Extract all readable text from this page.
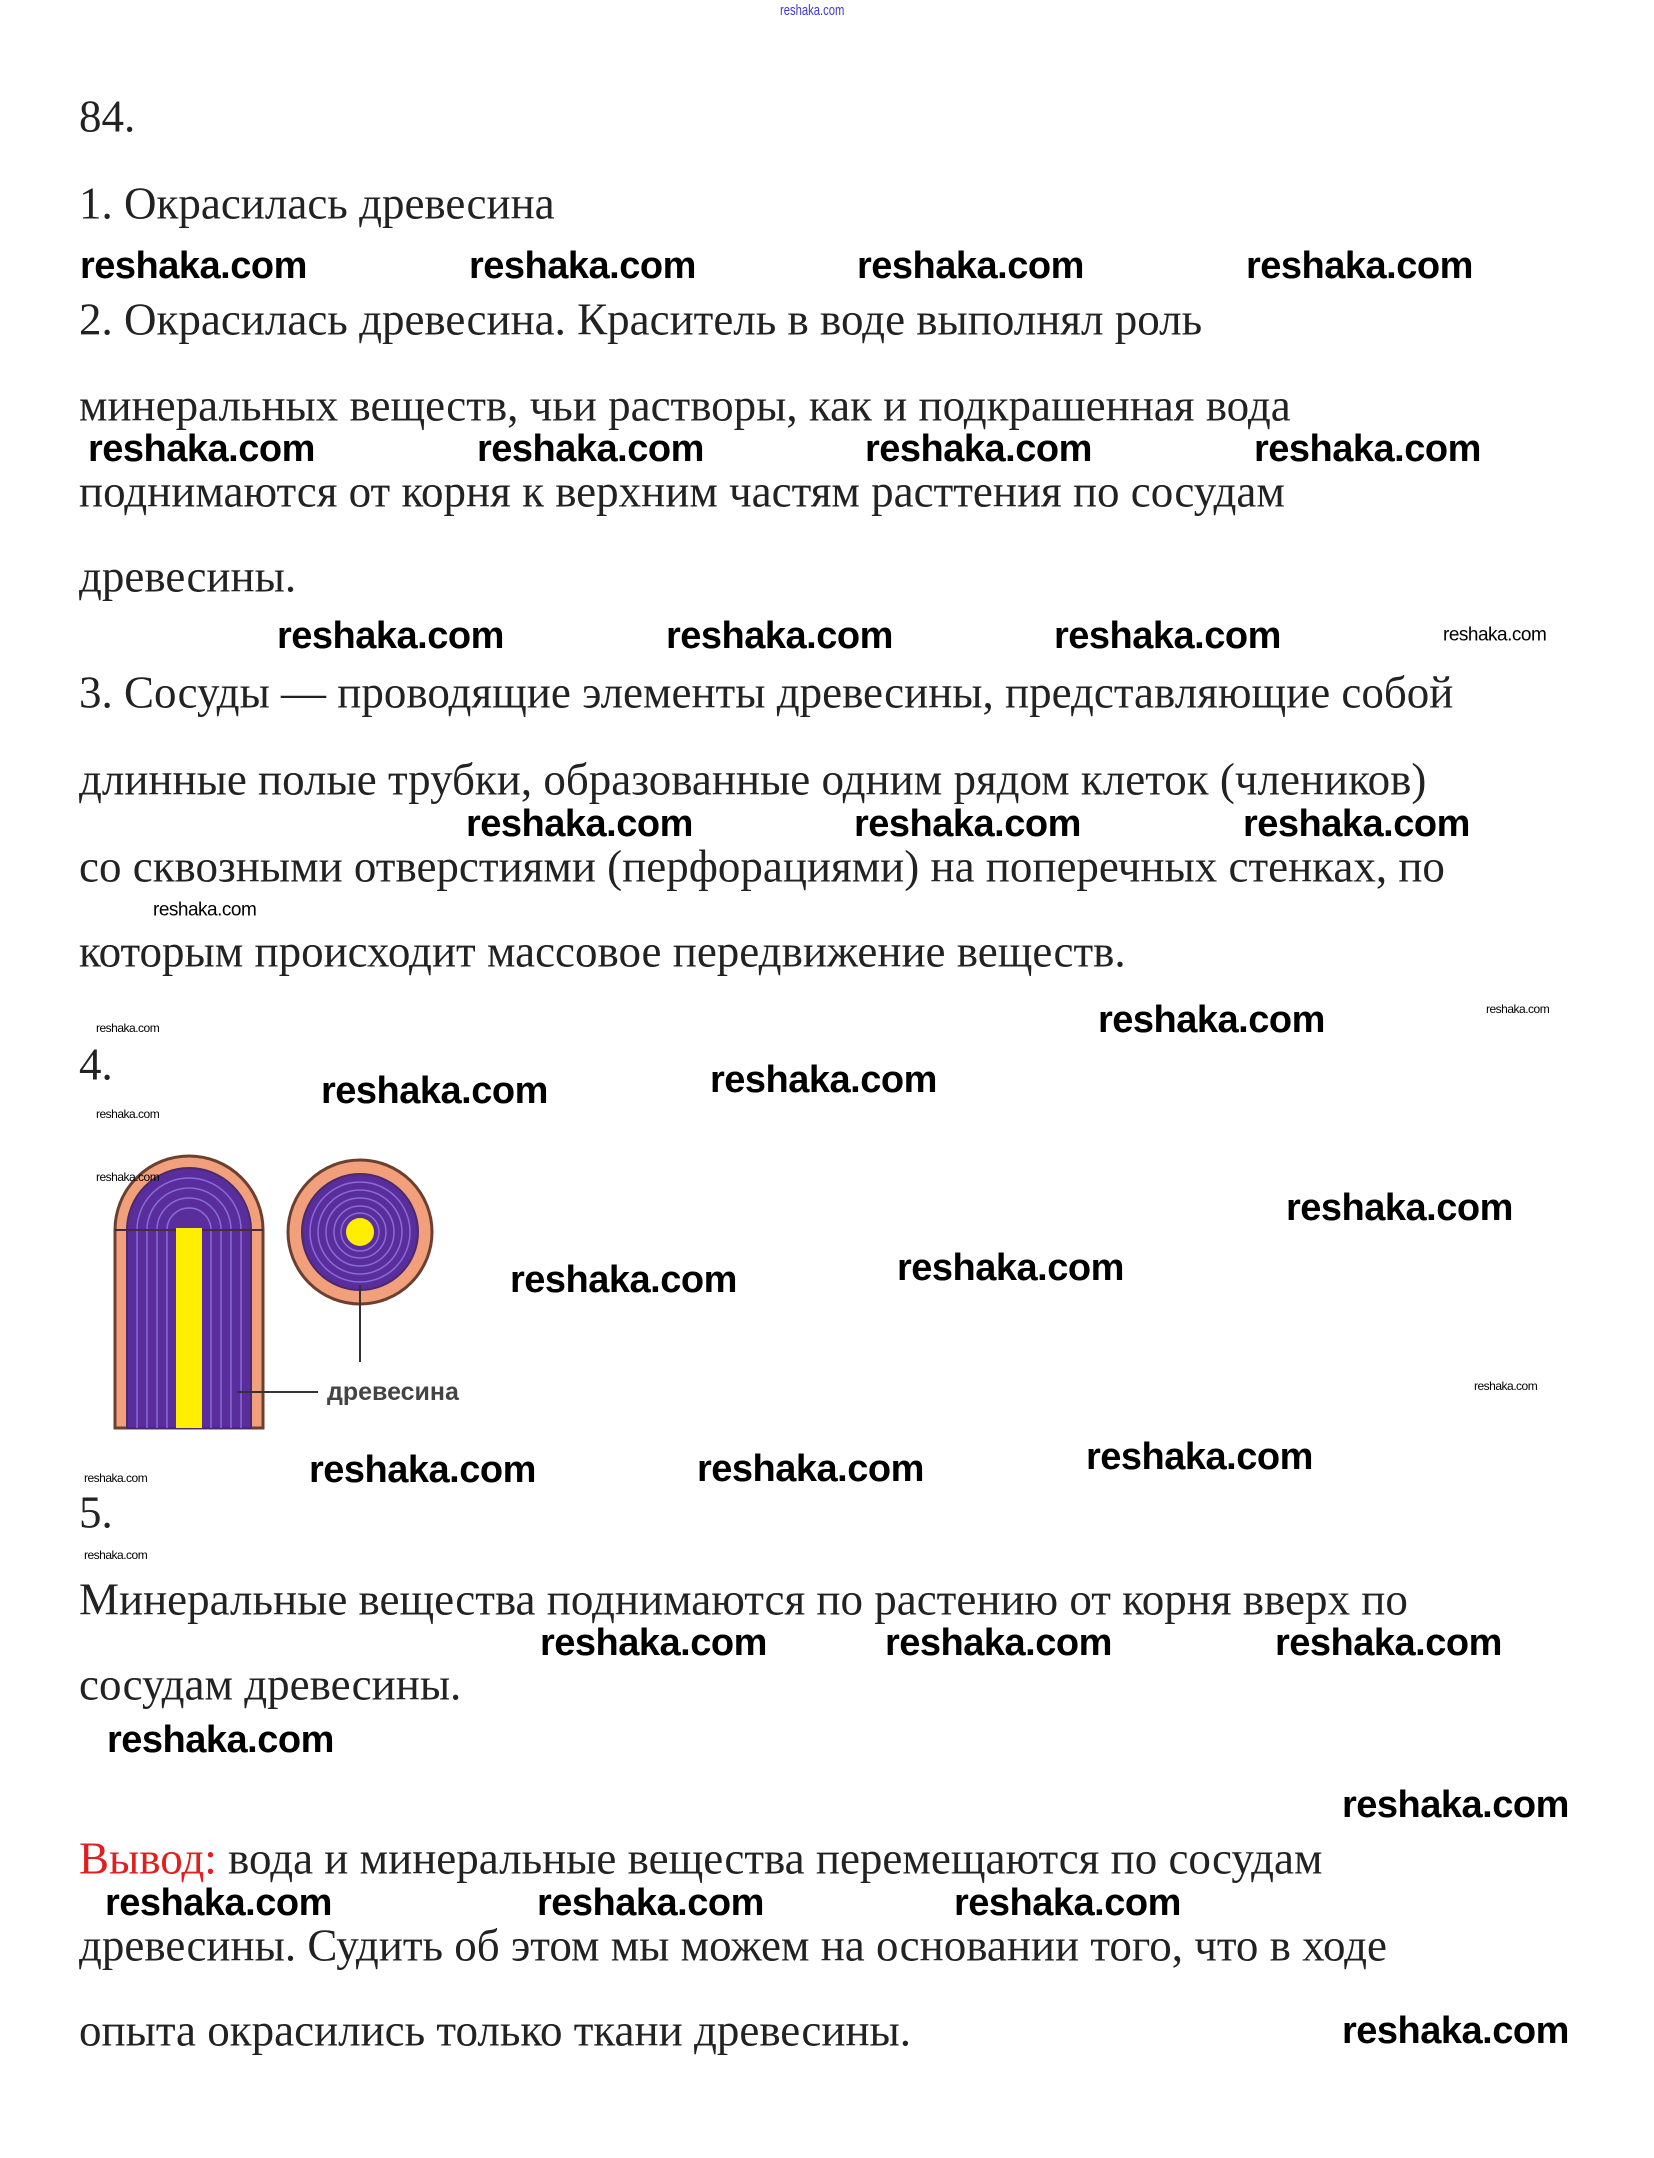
reshaka.com
84.
1. Окрасилась древесина
2. Окрасилась древесина. Краситель в воде выполнял роль
минеральных веществ, чьи растворы, как и подкрашенная вода
поднимаются от корня к верхним частям расттения по сосудам
древесины.
3. Сосуды — проводящие элементы древесины, представляющие собой
длинные полые трубки, образованные одним рядом клеток (члеников)
со сквозными отверстиями (перфорациями) на поперечных стенках, по
которым происходит массовое передвижение веществ.
4.
древесина
5.
Минеральные вещества поднимаются по растению от корня вверх по
сосудам древесины.
Вывод: вода и минеральные вещества перемещаются по сосудам
древесины. Судить об этом мы можем на основании того, что в ходе
опыта окрасились только ткани древесины.
reshaka.com	reshaka.com	reshaka.com	reshaka.com
reshaka.com	reshaka.com	reshaka.com	reshaka.com
reshaka.com	reshaka.com	reshaka.com	reshaka.com
reshaka.com	reshaka.com	reshaka.com
reshaka.com
reshaka.com	reshaka.com
reshaka.com
reshaka.com	reshaka.com
reshaka.com
reshaka.com
reshaka.com
reshaka.com	reshaka.com
reshaka.com
reshaka.com
reshaka.com
reshaka.com
reshaka.com
reshaka.com
reshaka.com
reshaka.com
reshaka.com
reshaka.com
reshaka.com
reshaka.com
reshaka.com	reshaka.com
reshaka.com
